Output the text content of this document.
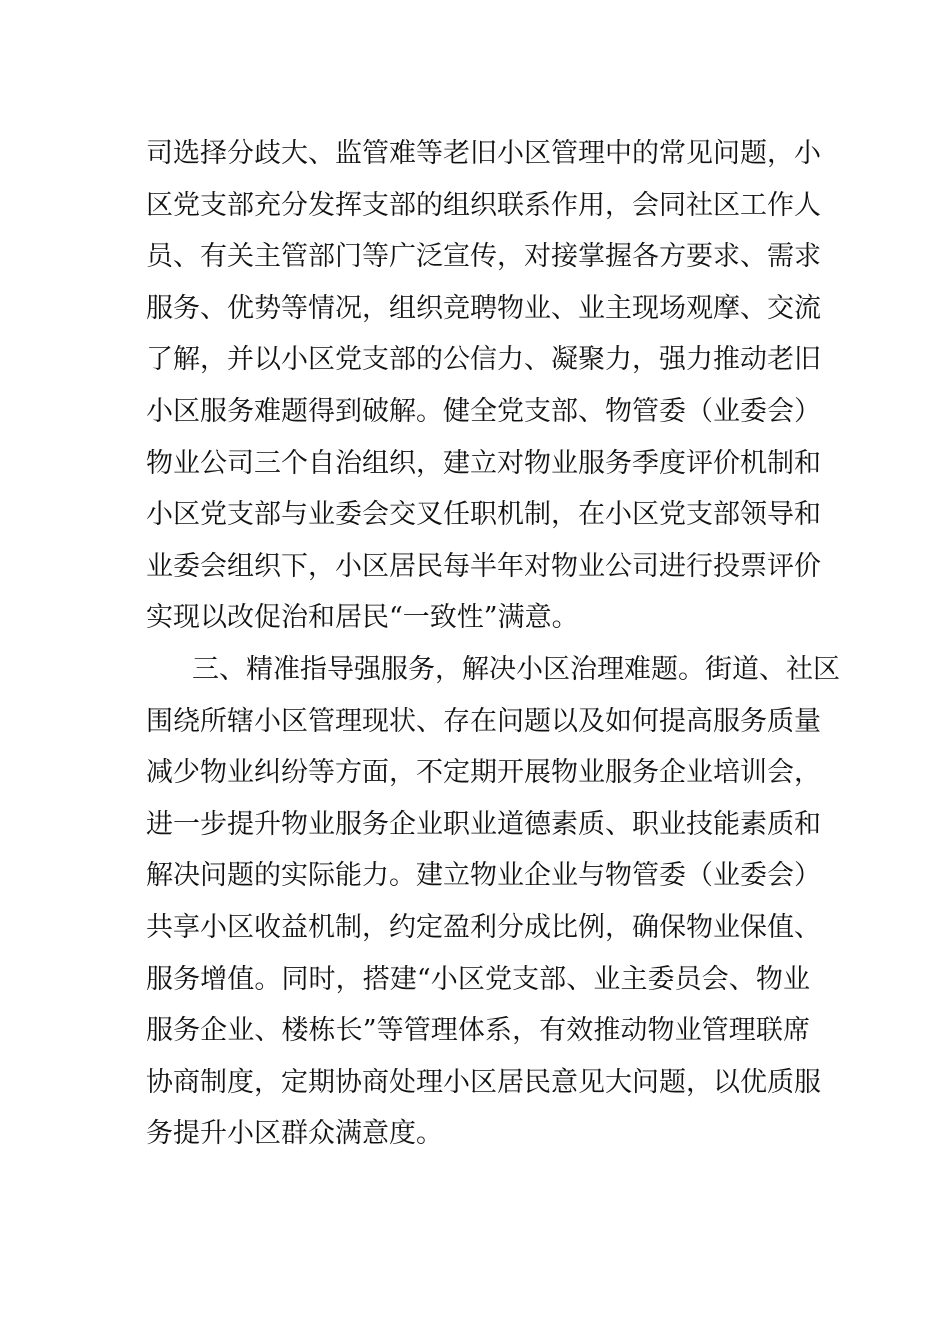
司选择分歧大、监管难等老旧小区管理中的常见问题，小
区党支部充分发挥支部的组织联系作用，会同社区工作人
员、有关主管部门等广泛宣传，对接掌握各方要求、需求
服务、优势等情况，组织竞聘物业、业主现场观摩、交流
了解，并以小区党支部的公信力、凝聚力，强力推动老旧
小区服务难题得到破解。健全党支部、物管委（业委会）
物业公司三个自治组织，建立对物业服务季度评价机制和
小区党支部与业委会交叉任职机制，在小区党支部领导和
业委会组织下，小区居民每半年对物业公司进行投票评价
实现以改促治和居民“一致性”满意。
三、精准指导强服务，解决小区治理难题。街道、社区
围绕所辖小区管理现状、存在问题以及如何提高服务质量
减少物业纠纷等方面，不定期开展物业服务企业培训会，
进一步提升物业服务企业职业道德素质、职业技能素质和
解决问题的实际能力。建立物业企业与物管委（业委会）
共享小区收益机制，约定盈利分成比例，确保物业保值、
服务增值。同时，搭建“小区党支部、业主委员会、物业
服务企业、楼栋长”等管理体系，有效推动物业管理联席
协商制度，定期协商处理小区居民意见大问题，以优质服
务提升小区群众满意度。
